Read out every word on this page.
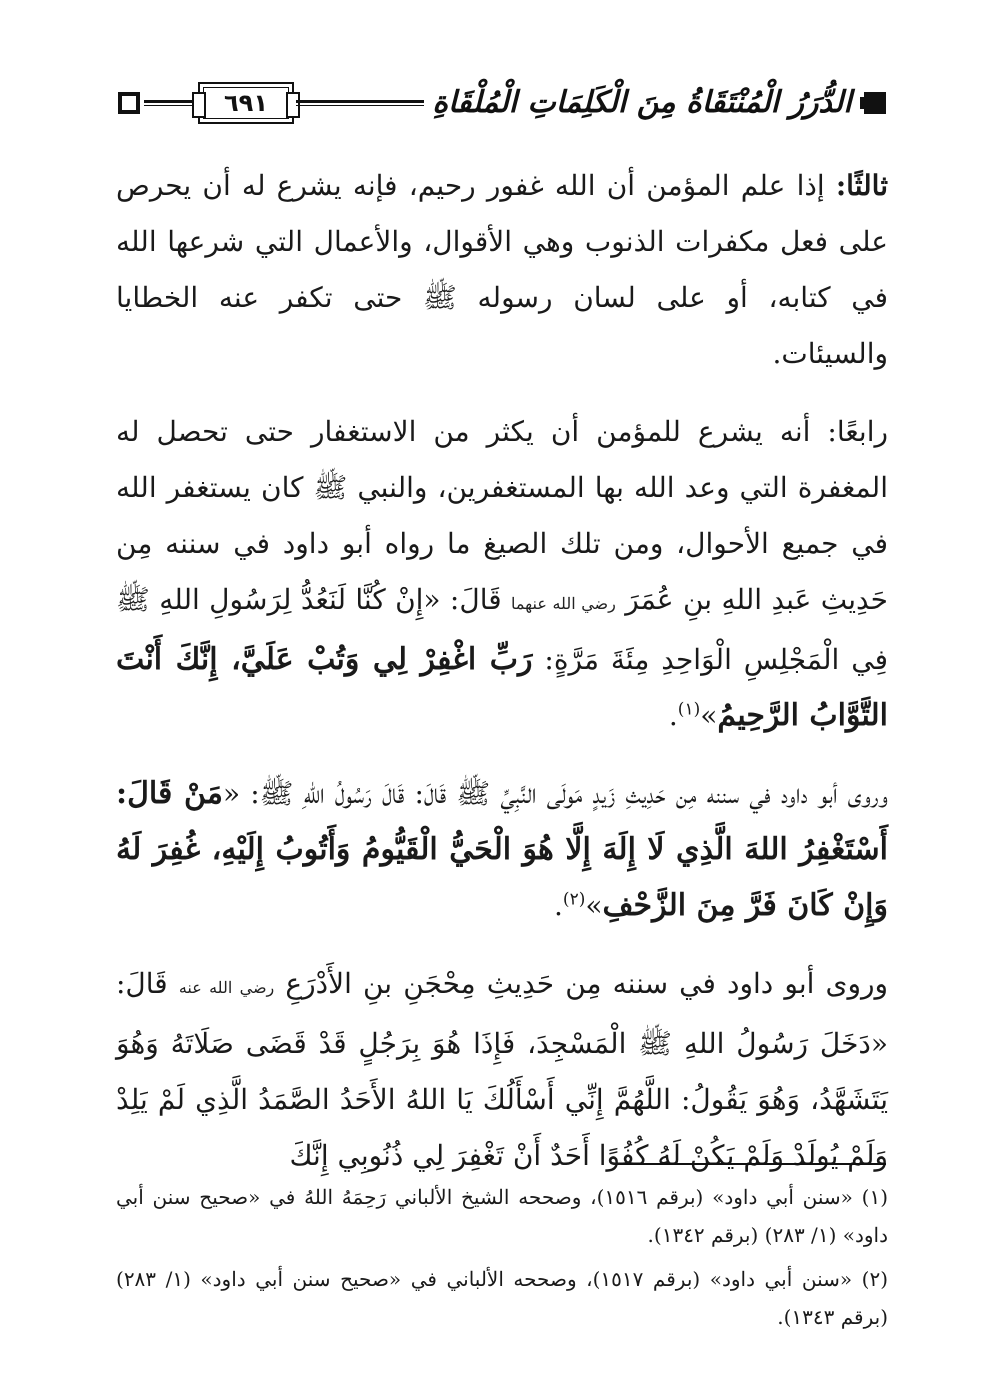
٦٩١	الدُّرَرُ الْمُنْتَقَاةُ مِنَ الْكَلِمَاتِ الْمُلْقَاةِ

ثالثًا: إذا علم المؤمن أن الله غفور رحيم، فإنه يشرع له أن يحرص على فعل مكفرات الذنوب وهي الأقوال، والأعمال التي شرعها الله في كتابه، أو على لسان رسوله ﷺ حتى تكفر عنه الخطايا والسيئات.

رابعًا: أنه يشرع للمؤمن أن يكثر من الاستغفار حتى تحصل له المغفرة التي وعد الله بها المستغفرين، والنبي ﷺ كان يستغفر الله في جميع الأحوال، ومن تلك الصيغ ما رواه أبو داود في سننه مِن حَدِيثِ عَبدِ اللهِ بنِ عُمَرَ رضي الله عنهما قَالَ: «إِنْ كُنَّا لَنَعُدُّ لِرَسُولِ اللهِ ﷺ فِي الْمَجْلِسِ الْوَاحِدِ مِئَةَ مَرَّةٍ: رَبِّ اغْفِرْ لِي وَتُبْ عَلَيَّ، إِنَّكَ أَنْتَ التَّوَّابُ الرَّحِيمُ»$^{(١)}$.

وروى أبو داود في سننه مِن حَدِيثِ زَيدٍ مَولَى النَّبِيِّ ﷺ قَالَ: قَالَ رَسُولُ اللهِ ﷺ: «مَنْ قَالَ: أَسْتَغْفِرُ اللهَ الَّذِي لَا إِلَهَ إِلَّا هُوَ الْحَيُّ الْقَيُّومُ وَأَتُوبُ إِلَيْهِ، غُفِرَ لَهُ وَإِنْ كَانَ فَرَّ مِنَ الزَّحْفِ»$^{(٢)}$.

وروى أبو داود في سننه مِن حَدِيثِ مِحْجَنِ بنِ الأَدْرَعِ رضي الله عنه قَالَ: «دَخَلَ رَسُولُ اللهِ ﷺ الْمَسْجِدَ، فَإِذَا هُوَ بِرَجُلٍ قَدْ قَضَى صَلَاتَهُ وَهُوَ يَتَشَهَّدُ، وَهُوَ يَقُولُ: اللَّهُمَّ إِنِّي أَسْأَلُكَ يَا اللهُ الأَحَدُ الصَّمَدُ الَّذِي لَمْ يَلِدْ وَلَمْ يُولَدْ وَلَمْ يَكُنْ لَهُ كُفُوًا أَحَدٌ أَنْ تَغْفِرَ لِي ذُنُوبِي إِنَّكَ

(١) «سنن أبي داود» (برقم ١٥١٦)، وصححه الشيخ الألباني رَحِمَهُ اللهُ في «صحيح سنن أبي داود» (١/ ٢٨٣) (برقم ١٣٤٢).

(٢) «سنن أبي داود» (برقم ١٥١٧)، وصححه الألباني في «صحيح سنن أبي داود» (١/ ٢٨٣) (برقم ١٣٤٣).
